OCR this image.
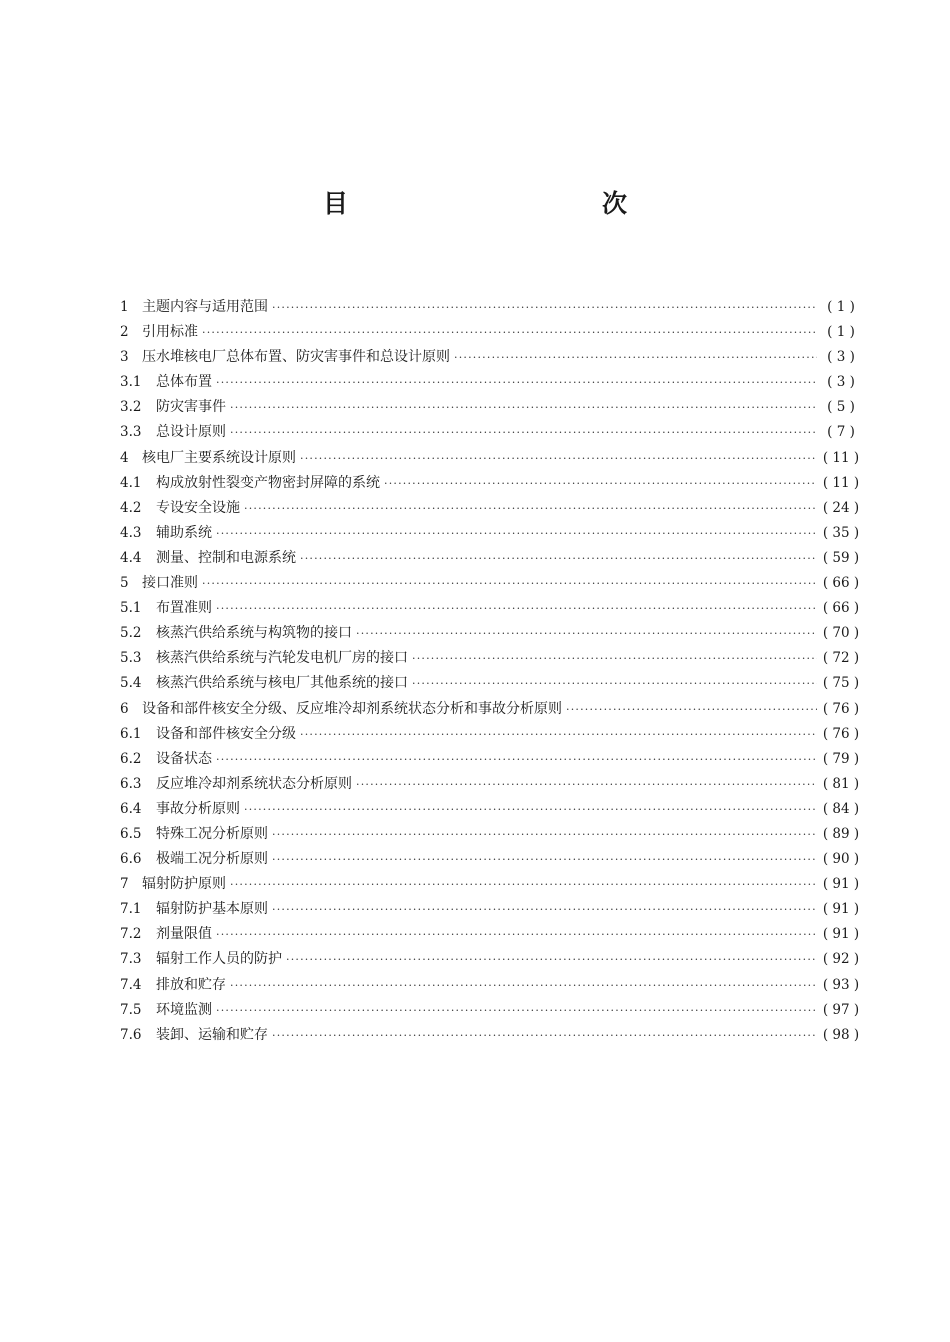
目　　次
1 主题内容与适用范围 ·····	( 1 )
2 引用标准 ·····	( 1 )
3 压水堆核电厂总体布置、防灾害事件和总设计原则 ·····	( 3 )
3.1	总体布置 ·····	( 3 )
3.2	防灾害事件 ·····	( 5 )
3.3	总设计原则 ·····	( 7 )
4 核电厂主要系统设计原则 ·····	( 11 )
4.1	构成放射性裂变产物密封屏障的系统 ·····	( 11 )
4.2	专设安全设施 ·····	( 24 )
4.3	辅助系统 ·····	( 35 )
4.4	测量、控制和电源系统 ·····	( 59 )
5 接口准则 ·····	( 66 )
5.1	布置准则 ·····	( 66 )
5.2	核蒸汽供给系统与构筑物的接口 ·····	( 70 )
5.3	核蒸汽供给系统与汽轮发电机厂房的接口 ·····	( 72 )
5.4	核蒸汽供给系统与核电厂其他系统的接口 ·····	( 75 )
6 设备和部件核安全分级、反应堆冷却剂系统状态分析和事故分析原则 ·····	( 76 )
6.1	设备和部件核安全分级 ·····	( 76 )
6.2	设备状态 ·····	( 79 )
6.3	反应堆冷却剂系统状态分析原则 ·····	( 81 )
6.4	事故分析原则 ·····	( 84 )
6.5	特殊工况分析原则 ·····	( 89 )
6.6	极端工况分析原则 ·····	( 90 )
7 辐射防护原则 ·····	( 91 )
7.1	辐射防护基本原则 ·····	( 91 )
7.2	剂量限值 ·····	( 91 )
7.3	辐射工作人员的防护 ·····	( 92 )
7.4	排放和贮存 ·····	( 93 )
7.5	环境监测 ·····	( 97 )
7.6	装卸、运输和贮存 ·····	( 98 )
